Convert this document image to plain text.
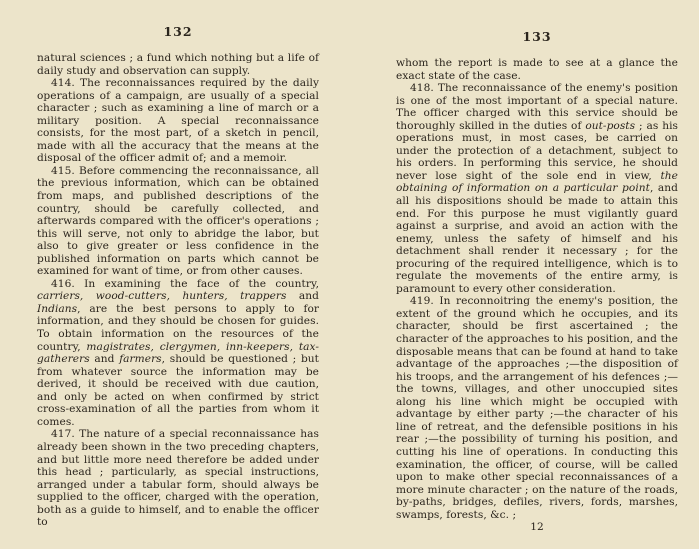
132

natural sciences ; a fund which nothing but a life of daily study and observation can supply.

414. The reconnaissances required by the daily operations of a campaign, are usually of a special character ; such as examining a line of march or a military position. A special reconnaissance consists, for the most part, of a sketch in pencil, made with all the accuracy that the means at the disposal of the officer admit of; and a memoir.

415. Before commencing the reconnaissance, all the previous information, which can be obtained from maps, and published descriptions of the country, should be carefully collected, and afterwards compared with the officer's operations ; this will serve, not only to abridge the labor, but also to give greater or less confidence in the published information on parts which cannot be examined for want of time, or from other causes.

416. In examining the face of the country, carriers, wood-cutters, hunters, trappers and Indians, are the best persons to apply to for information, and they should be chosen for guides. To obtain information on the resources of the country, magistrates, clergymen, inn-keepers, tax-gatherers and farmers, should be questioned ; but from whatever source the information may be derived, it should be received with due caution, and only be acted on when confirmed by strict cross-examination of all the parties from whom it comes.

417. The nature of a special reconnaissance has already been shown in the two preceding chapters, and but little more need therefore be added under this head ; particularly, as special instructions, arranged under a tabular form, should always be supplied to the officer, charged with the operation, both as a guide to himself, and to enable the officer to

133

whom the report is made to see at a glance the exact state of the case.

418. The reconnaissance of the enemy's position is one of the most important of a special nature. The officer charged with this service should be thoroughly skilled in the duties of out-posts ; as his operations must, in most cases, be carried on under the protection of a detachment, subject to his orders. In performing this service, he should never lose sight of the sole end in view, the obtaining of information on a particular point, and all his dispositions should be made to attain this end. For this purpose he must vigilantly guard against a surprise, and avoid an action with the enemy, unless the safety of himself and his detachment shall render it necessary ; for the procuring of the required intelligence, which is to regulate the movements of the entire army, is paramount to every other consideration.

419. In reconnoitring the enemy's position, the extent of the ground which he occupies, and its character, should be first ascertained ; the character of the approaches to his position, and the disposable means that can be found at hand to take advantage of the approaches ;—the disposition of his troops, and the arrangement of his defences ;—the towns, villages, and other unoccupied sites along his line which might be occupied with advantage by either party ;—the character of his line of retreat, and the defensible positions in his rear ;—the possibility of turning his position, and cutting his line of operations. In conducting this examination, the officer, of course, will be called upon to make other special reconnaissances of a more minute character ; on the nature of the roads, by-paths, bridges, defiles, rivers, fords, marshes, swamps, forests, &c. ;

12
